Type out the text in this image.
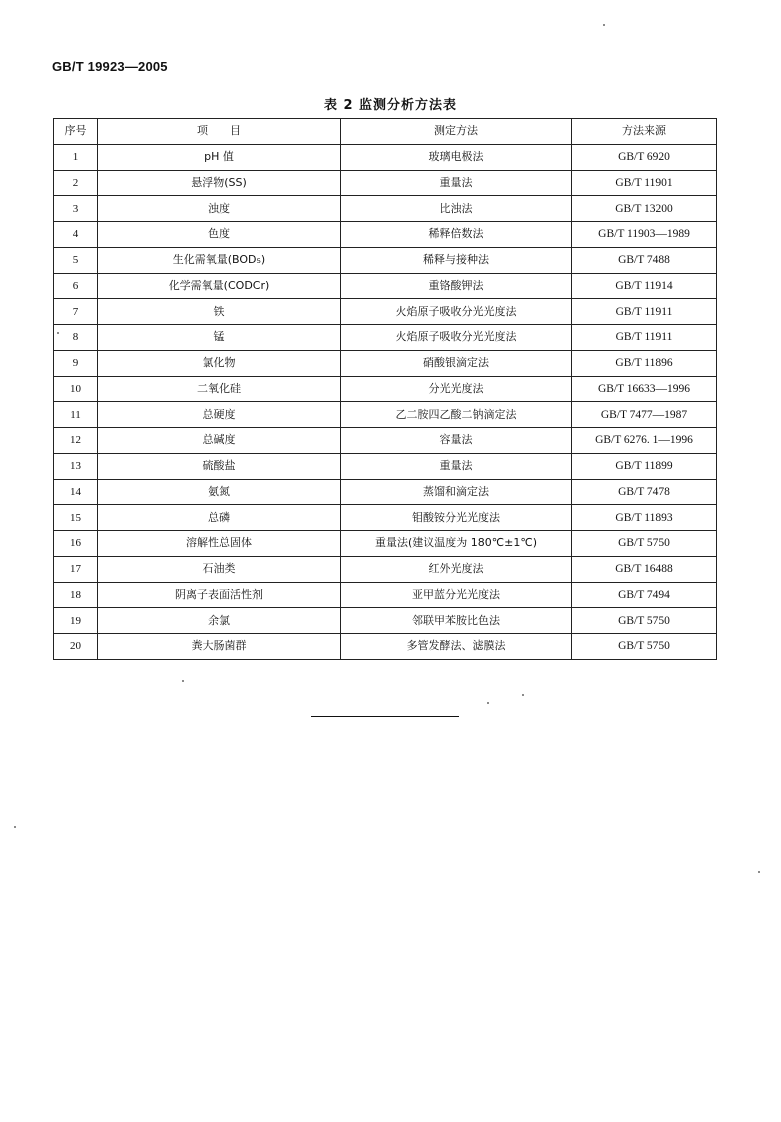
GB/T 19923—2005
表 2 监测分析方法表
序号	项　　目	测定方法	方法来源
1	pH 值	玻璃电极法	GB/T 6920
2	悬浮物(SS)	重量法	GB/T 11901
3	浊度	比浊法	GB/T 13200
4	色度	稀释倍数法	GB/T 11903—1989
5	生化需氧量(BOD₅)	稀释与接种法	GB/T 7488
6	化学需氧量(CODCr)	重铬酸钾法	GB/T 11914
7	铁	火焰原子吸收分光光度法	GB/T 11911
8	锰	火焰原子吸收分光光度法	GB/T 11911
9	氯化物	硝酸银滴定法	GB/T 11896
10	二氧化硅	分光光度法	GB/T 16633—1996
11	总硬度	乙二胺四乙酸二钠滴定法	GB/T 7477—1987
12	总碱度	容量法	GB/T 6276. 1—1996
13	硫酸盐	重量法	GB/T 11899
14	氨氮	蒸馏和滴定法	GB/T 7478
15	总磷	钼酸铵分光光度法	GB/T 11893
16	溶解性总固体	重量法(建议温度为 180℃±1℃)	GB/T 5750
17	石油类	红外光度法	GB/T 16488
18	阴离子表面活性剂	亚甲蓝分光光度法	GB/T 7494
19	余氯	邻联甲苯胺比色法	GB/T 5750
20	粪大肠菌群	多管发酵法、滤膜法	GB/T 5750
